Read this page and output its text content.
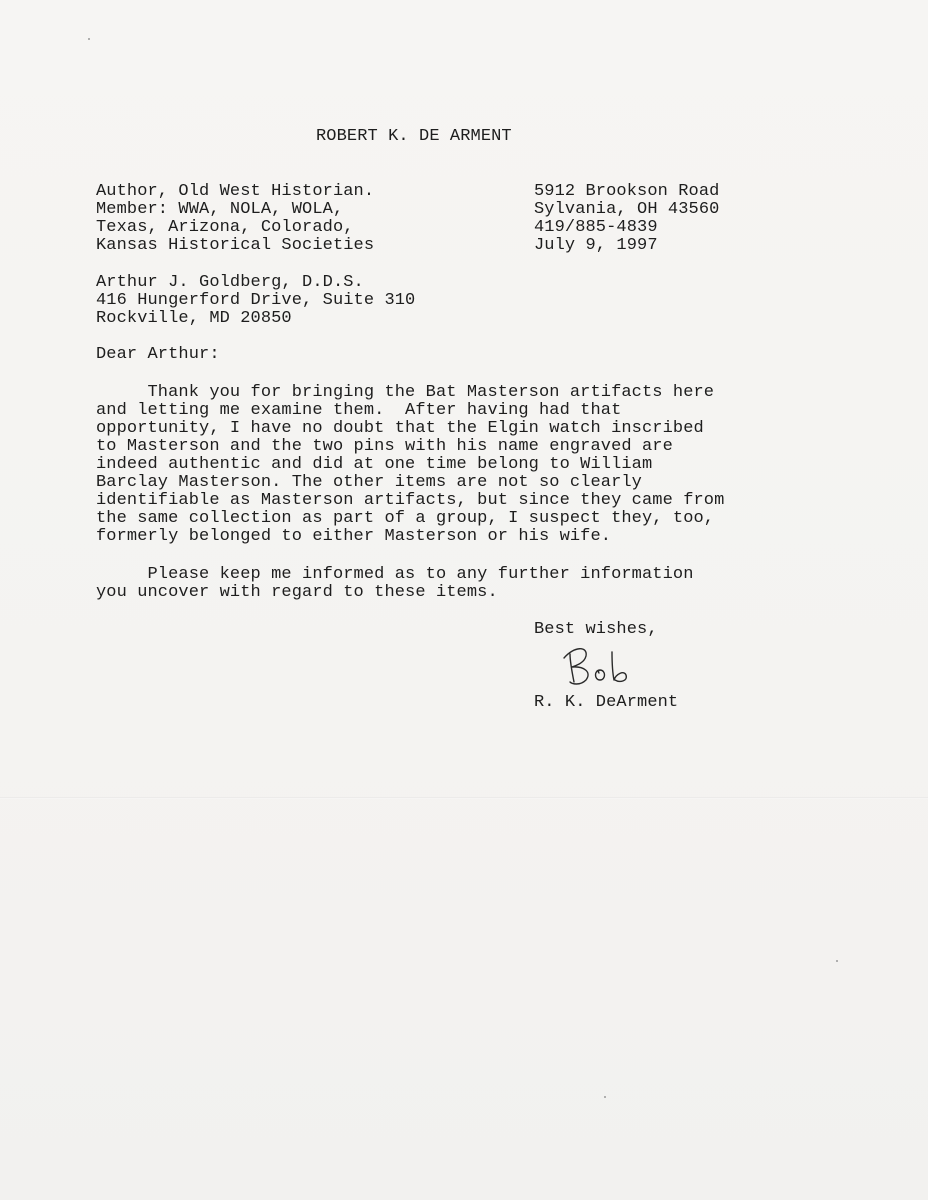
ROBERT K. DE ARMENT
Author, Old West Historian.
Member: WWA, NOLA, WOLA,
Texas, Arizona, Colorado,
Kansas Historical Societies
5912 Brookson Road
Sylvania, OH 43560
419/885-4839
July 9, 1997
Arthur J. Goldberg, D.D.S.
416 Hungerford Drive, Suite 310
Rockville, MD 20850
Dear Arthur:
Thank you for bringing the Bat Masterson artifacts here
and letting me examine them.  After having had that
opportunity, I have no doubt that the Elgin watch inscribed
to Masterson and the two pins with his name engraved are
indeed authentic and did at one time belong to William
Barclay Masterson. The other items are not so clearly
identifiable as Masterson artifacts, but since they came from
the same collection as part of a group, I suspect they, too,
formerly belonged to either Masterson or his wife.
Please keep me informed as to any further information
you uncover with regard to these items.
Best wishes,
R. K. DeArment
